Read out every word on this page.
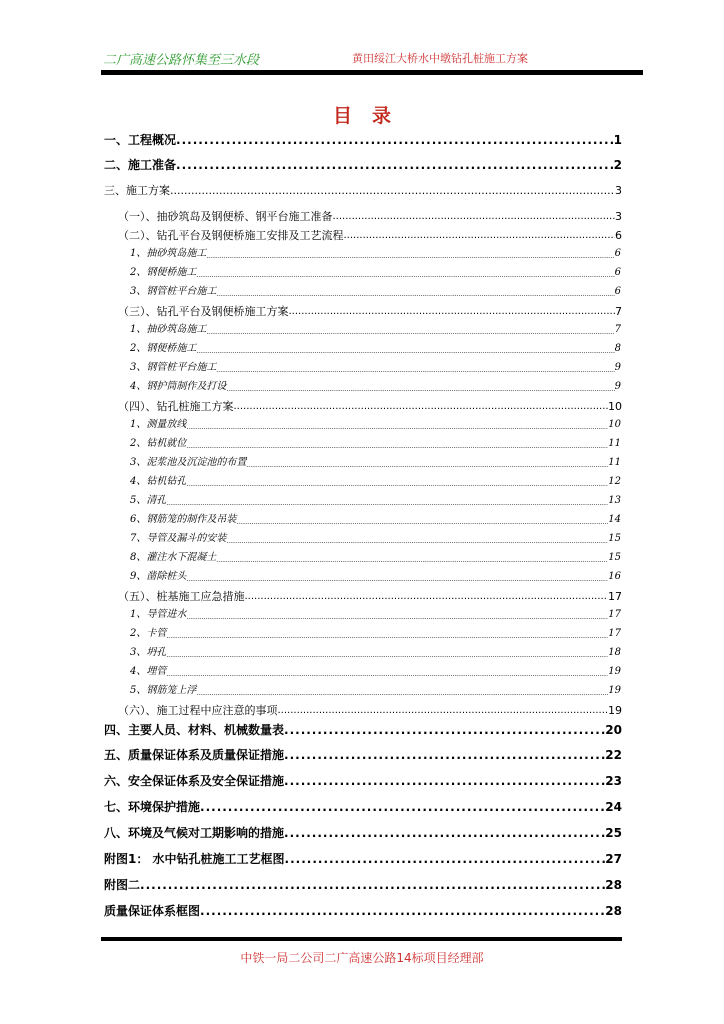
二广高速公路怀集至三水段	黄田绥江大桥水中墩钻孔桩施工方案
目录
一、工程概况 .....	1
二、施工准备 .....	2
三、施工方案 .....	3
（一）、抽砂筑岛及钢便桥、钢平台施工准备 .....	3
（二）、钻孔平台及钢便桥施工安排及工艺流程 .....	6
1、抽砂筑岛施工 .....	6
2、钢便桥施工 .....	6
3、钢管桩平台施工 .....	6
（三）、钻孔平台及钢便桥施工方案 .....	7
1、抽砂筑岛施工 .....	7
2、钢便桥施工 .....	8
3、钢管桩平台施工 .....	9
4、钢护筒制作及打设 .....	9
（四）、钻孔桩施工方案 .....	10
1、测量放线 .....	10
2、钻机就位 .....	11
3、泥浆池及沉淀池的布置 .....	11
4、钻机钻孔 .....	12
5、清孔 .....	13
6、钢筋笼的制作及吊装 .....	14
7、导管及漏斗的安装 .....	15
8、灌注水下混凝土 .....	15
9、凿除桩头 .....	16
（五）、桩基施工应急措施 .....	17
1、导管进水 .....	17
2、卡管 .....	17
3、坍孔 .....	18
4、埋管 .....	19
5、钢筋笼上浮 .....	19
（六）、施工过程中应注意的事项 .....	19
四、主要人员、材料、机械数量表 .....	20
五、质量保证体系及质量保证措施 .....	22
六、安全保证体系及安全保证措施 .....	23
七、环境保护措施 .....	24
八、环境及气候对工期影响的措施 .....	25
附图1： 水中钻孔桩施工工艺框图 .....	27
附图二 .....	28
质量保证体系框图 .....	28
中铁一局二公司二广高速公路14标项目经理部
